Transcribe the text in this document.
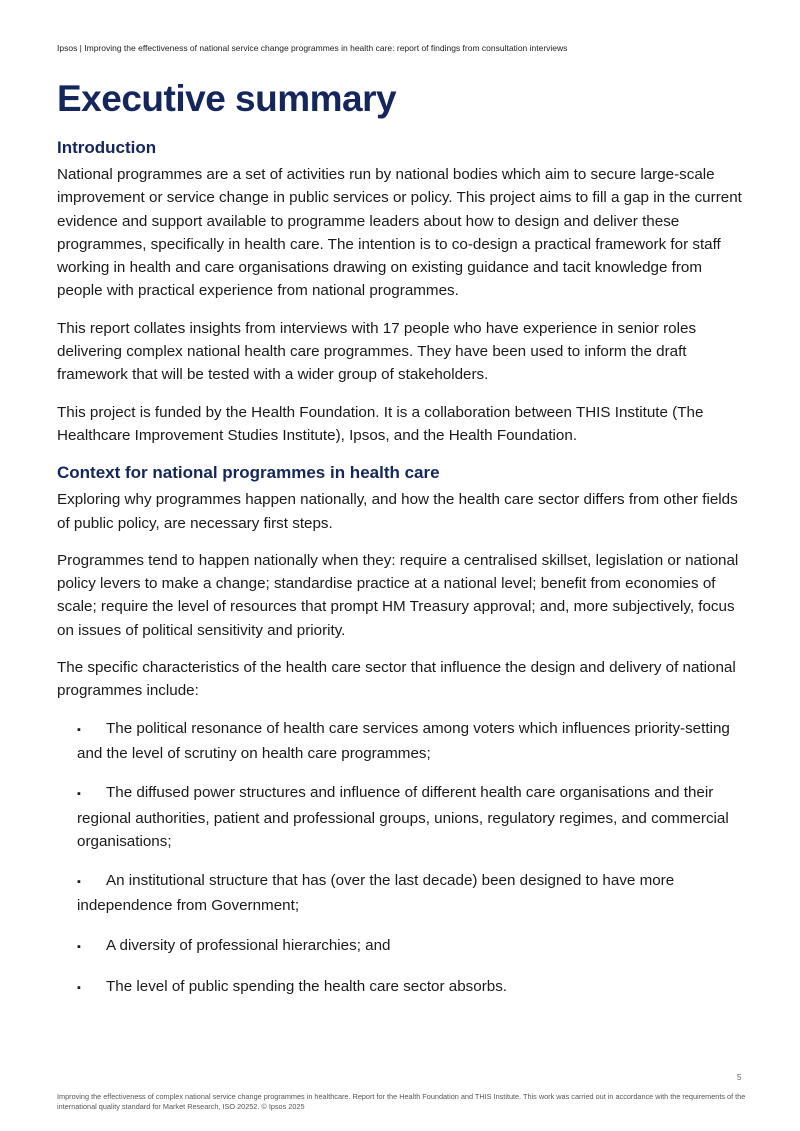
Ipsos | Improving the effectiveness of national service change programmes in health care: report of findings from consultation interviews
Executive summary
Introduction

National programmes are a set of activities run by national bodies which aim to secure large-scale improvement or service change in public services or policy. This project aims to fill a gap in the current evidence and support available to programme leaders about how to design and deliver these programmes, specifically in health care. The intention is to co-design a practical framework for staff working in health and care organisations drawing on existing guidance and tacit knowledge from people with practical experience from national programmes.

This report collates insights from interviews with 17 people who have experience in senior roles delivering complex national health care programmes. They have been used to inform the draft framework that will be tested with a wider group of stakeholders.

This project is funded by the Health Foundation. It is a collaboration between THIS Institute (The Healthcare Improvement Studies Institute), Ipsos, and the Health Foundation.

Context for national programmes in health care

Exploring why programmes happen nationally, and how the health care sector differs from other fields of public policy, are necessary first steps.

Programmes tend to happen nationally when they: require a centralised skillset, legislation or national policy levers to make a change; standardise practice at a national level; benefit from economies of scale; require the level of resources that prompt HM Treasury approval; and, more subjectively, focus on issues of political sensitivity and priority.

The specific characteristics of the health care sector that influence the design and delivery of national programmes include:

▪ The political resonance of health care services among voters which influences priority-setting and the level of scrutiny on health care programmes;
▪ The diffused power structures and influence of different health care organisations and their regional authorities, patient and professional groups, unions, regulatory regimes, and commercial organisations;
▪ An institutional structure that has (over the last decade) been designed to have more independence from Government;
▪ A diversity of professional hierarchies; and
▪ The level of public spending the health care sector absorbs.
5
Improving the effectiveness of complex national service change programmes in healthcare. Report for the Health Foundation and THIS Institute. This work was carried out in accordance with the requirements of the international quality standard for Market Research, ISO 20252. © Ipsos 2025
